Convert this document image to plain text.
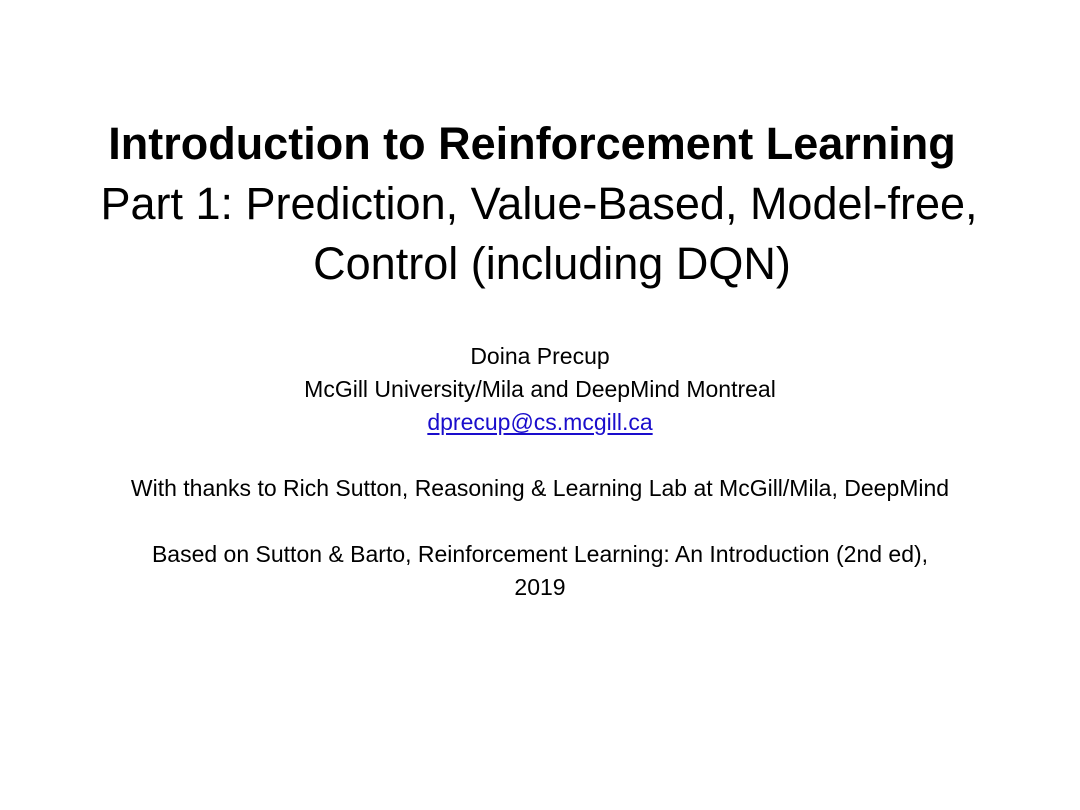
Introduction to Reinforcement Learning
Part 1: Prediction, Value-Based, Model-free,
Control (including DQN)
Doina Precup
McGill University/Mila and DeepMind Montreal
dprecup@cs.mcgill.ca
With thanks to Rich Sutton, Reasoning & Learning Lab at McGill/Mila, DeepMind
Based on Sutton & Barto, Reinforcement Learning: An Introduction (2nd ed),
2019
